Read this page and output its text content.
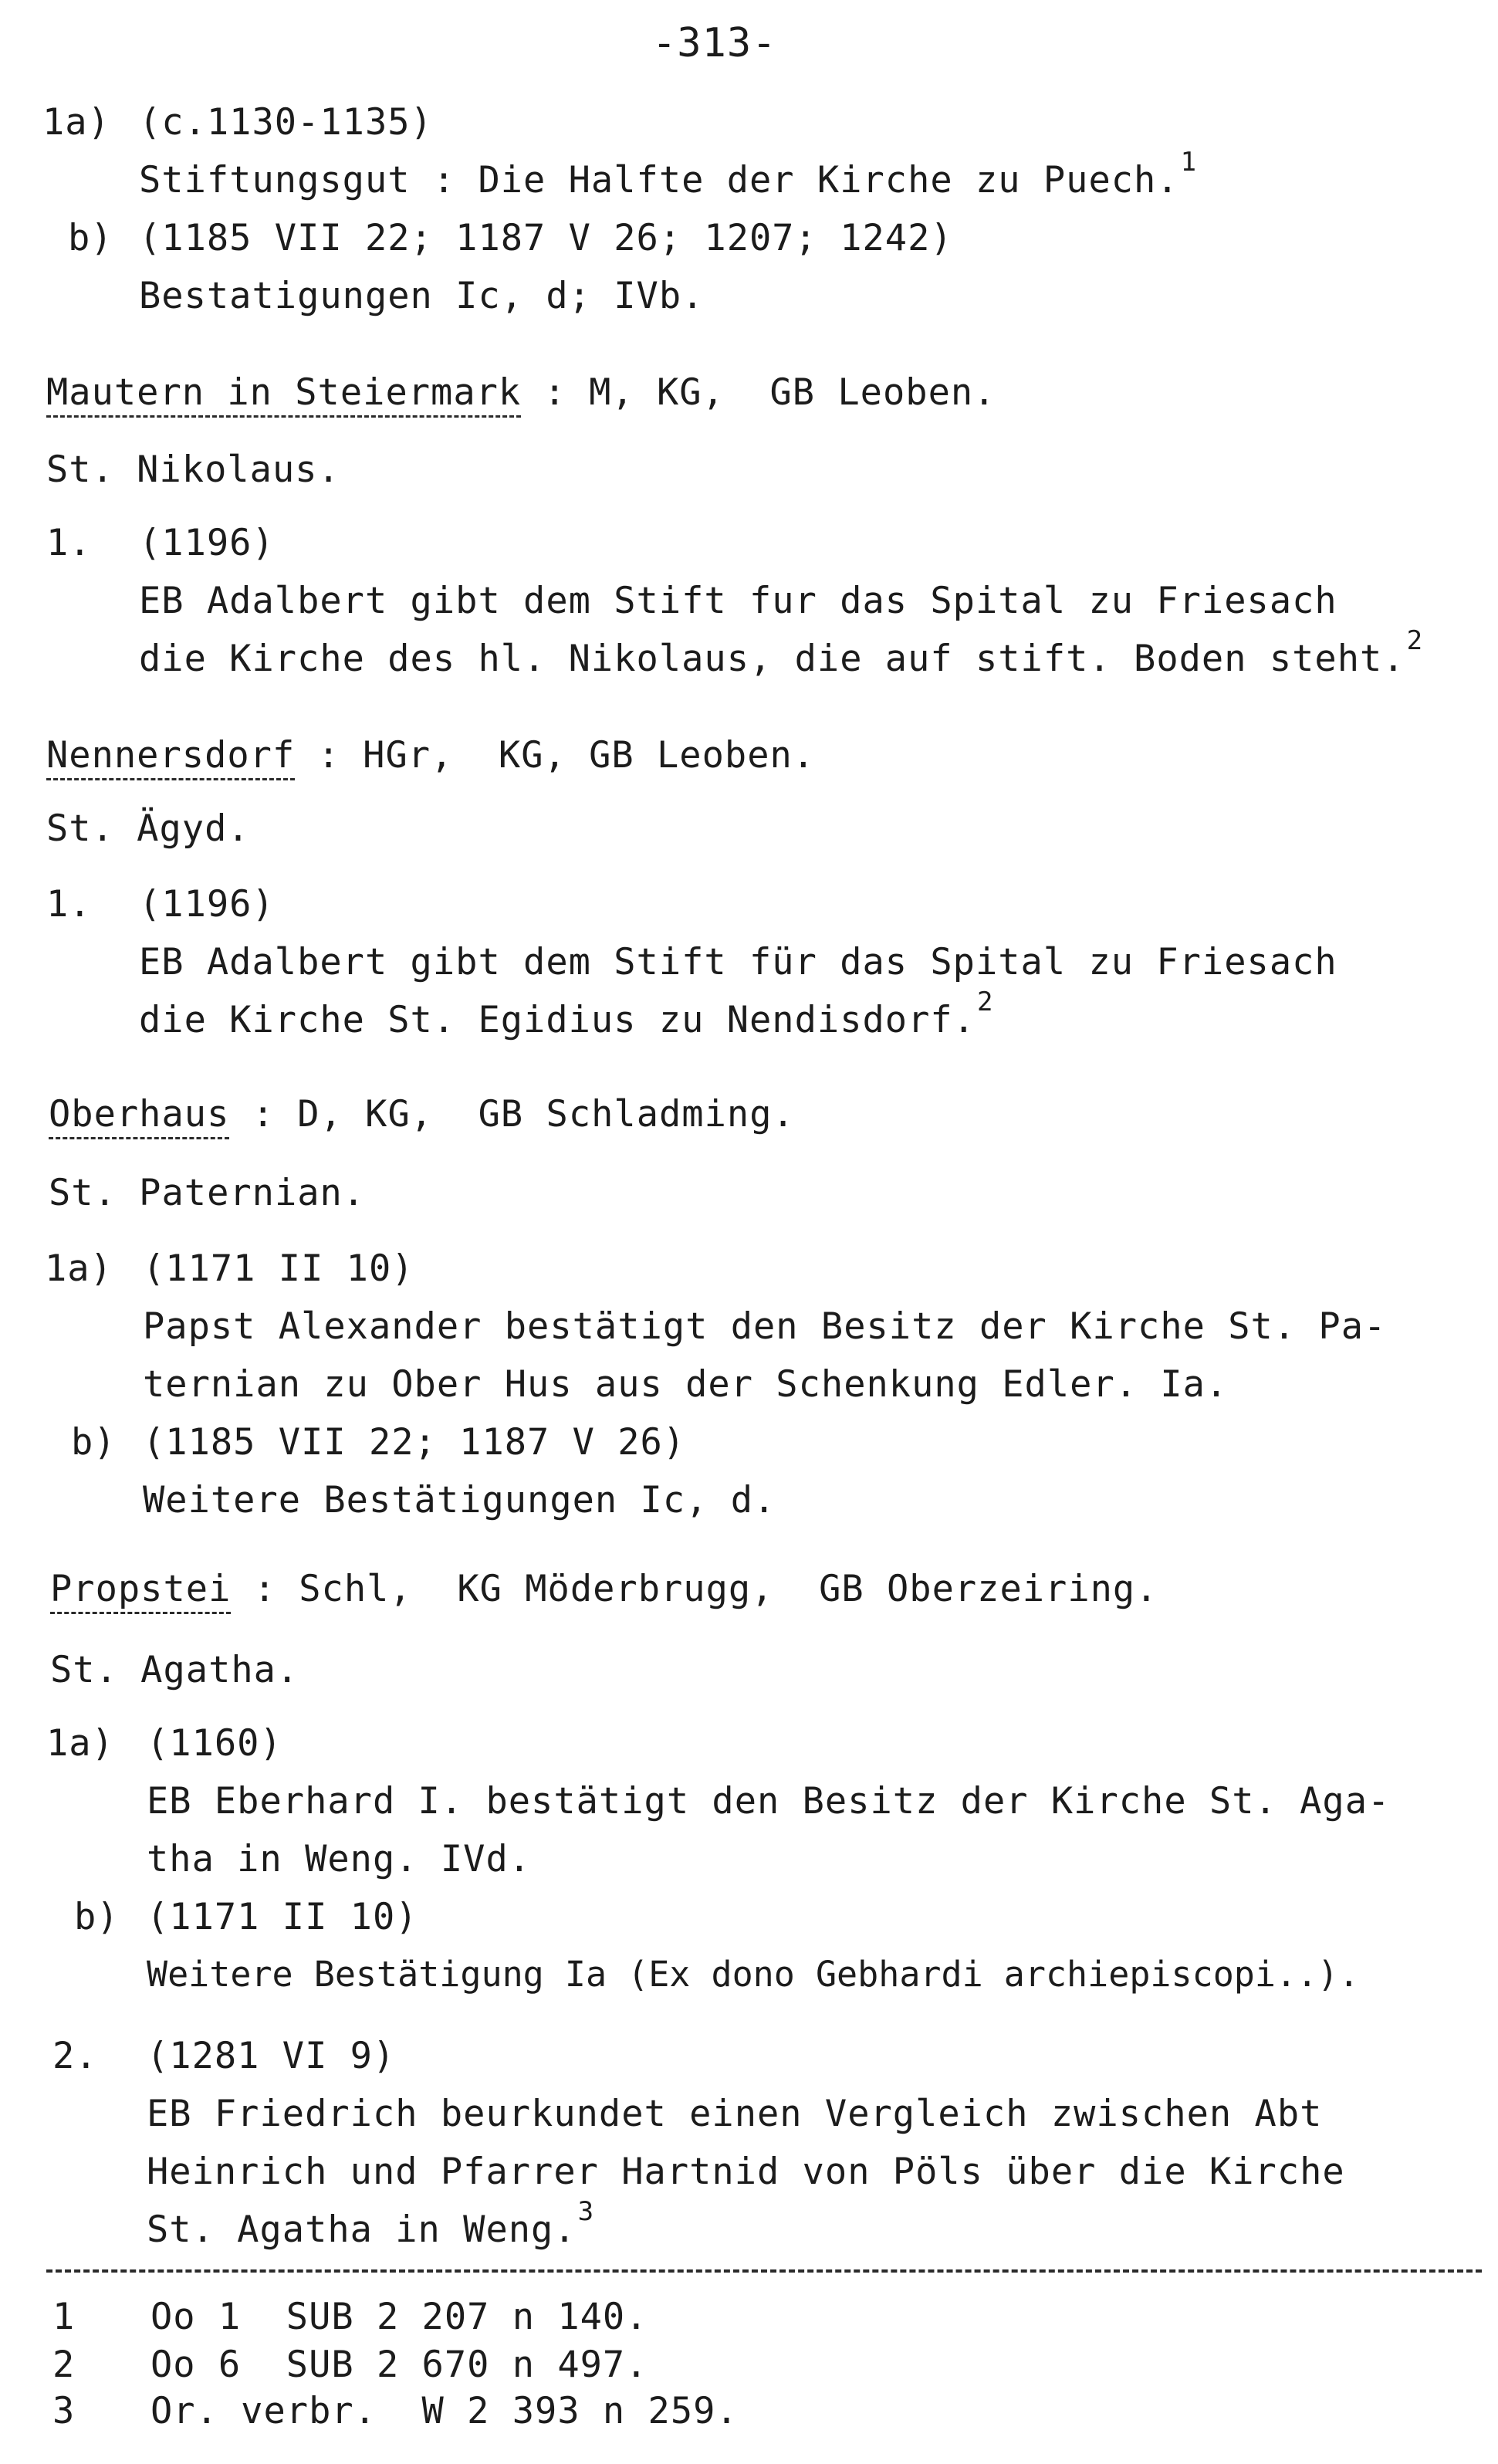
-313-
1a) (c.1130-1135)
Stiftungsgut : Die Halfte der Kirche zu Puech.$^1$
b) (1185 VII 22; 1187 V 26; 1207; 1242)
Bestatigungen Ic, d; IVb.
Mautern in Steiermark : M, KG,  GB Leoben.
St. Nikolaus.
1. (1196)
EB Adalbert gibt dem Stift fur das Spital zu Friesach
die Kirche des hl. Nikolaus, die auf stift. Boden steht.$^2$
Nennersdorf : HGr,  KG, GB Leoben.
St. Ägyd.
1. (1196)
EB Adalbert gibt dem Stift für das Spital zu Friesach
die Kirche St. Egidius zu Nendisdorf.$^2$
Oberhaus : D, KG,  GB Schladming.
St. Paternian.
1a) (1171 II 10)
Papst Alexander bestätigt den Besitz der Kirche St. Pa-
ternian zu Ober Hus aus der Schenkung Edler. Ia.
b) (1185 VII 22; 1187 V 26)
Weitere Bestätigungen Ic, d.
Propstei : Schl,  KG Möderbrugg,  GB Oberzeiring.
St. Agatha.
1a) (1160)
EB Eberhard I. bestätigt den Besitz der Kirche St. Aga-
tha in Weng. IVd.
b) (1171 II 10)
Weitere Bestätigung Ia (Ex dono Gebhardi archiepiscopi..).
2. (1281 VI 9)
EB Friedrich beurkundet einen Vergleich zwischen Abt
Heinrich und Pfarrer Hartnid von Pöls über die Kirche
St. Agatha in Weng.$^3$
1 Oo 1  SUB 2 207 n 140.
2 Oo 6  SUB 2 670 n 497.
3 Or. verbr.  W 2 393 n 259.
